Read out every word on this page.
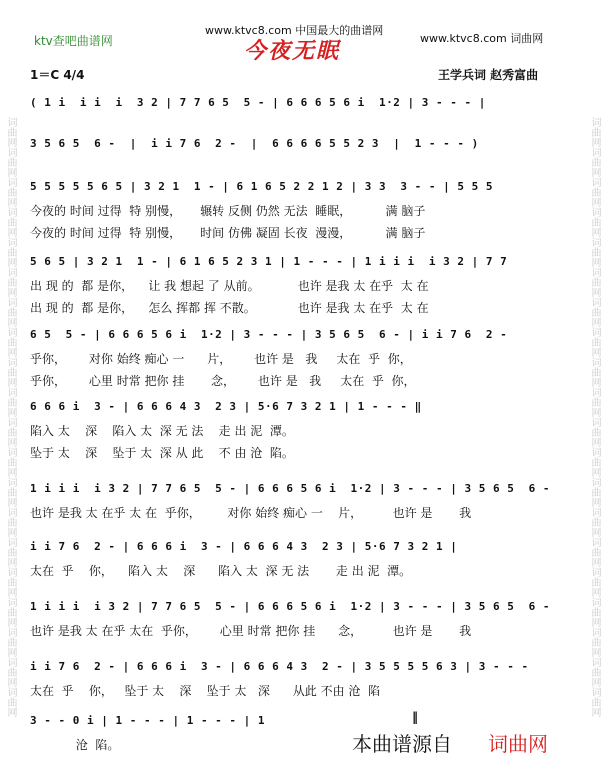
词曲网词曲网词曲网词曲网词曲网词曲网词曲网词曲网词曲网词曲网词曲网词曲网词曲网词曲网词曲网词曲网词曲网词曲网词曲网词曲网	词曲网词曲网词曲网词曲网词曲网词曲网词曲网词曲网词曲网词曲网词曲网词曲网词曲网词曲网词曲网词曲网词曲网词曲网词曲网词曲网
ktv查吧曲谱网
www.ktvc8.com 中国最大的曲谱网
www.ktvc8.com 词曲网
今夜无眠
1＝C 4/4	王学兵词 赵秀富曲
( 1 i  i i  i  3 2 | 7 7 6 5  5 - | 6 6 6 5 6 i  1·2 | 3 - - - |
3 5 6 5  6 -  |  i i 7 6  2 -  |  6 6 6 6 5 5 2 3  |  1 - - - )
5 5 5 5 5 6 5 | 3 2 1  1 - | 6 1 6 5 2 2 1 2 | 3 3  3 - - | 5 5 5
今夜的 时间 过得  特 别慢，     辗转 反侧 仍然 无法  睡眠，         满 脑子
今夜的 时间 过得  特 别慢，     时间 仿佛 凝固 长夜  漫漫，         满 脑子
5 6 5 | 3 2 1  1 - | 6 1 6 5 2 3 1 | 1 - - - | 1 i i i  i 3 2 | 7 7
出 现 的  都 是你，    让 我 想起 了 从前。          也许 是我 太 在乎  太 在
出 现 的  都 是你，    怎么 挥都 挥 不散。           也许 是我 太 在乎  太 在
6 5  5 - | 6 6 6 5 6 i  1·2 | 3 - - - | 3 5 6 5  6 - | i i 7 6  2 -
乎你，      对你 始终 痴心 一      片，      也许 是   我     太在  乎  你，
乎你，      心里 时常 把你 挂       念，      也许 是   我     太在  乎  你，
6 6 6 i  3 - | 6 6 6 4 3  2 3 | 5·6 7 3 2 1 | 1 - - - ‖
陷入 太    深    陷入 太  深 无 法    走 出 泥  潭。
坠于 太    深    坠于 太  深 从 此    不 由 沧  陷。
1 i i i  i 3 2 | 7 7 6 5  5 - | 6 6 6 5 6 i  1·2 | 3 - - - | 3 5 6 5  6 -
也许 是我 太 在乎 太 在  乎你，       对你 始终 痴心 一    片，        也许 是       我
i i 7 6  2 - | 6 6 6 i  3 - | 6 6 6 4 3  2 3 | 5·6 7 3 2 1 |
太在  乎    你，    陷入 太    深      陷入 太  深 无 法       走 出 泥  潭。
1 i i i  i 3 2 | 7 7 6 5  5 - | 6 6 6 5 6 i  1·2 | 3 - - - | 3 5 6 5  6 -
也许 是我 太 在乎 太在  乎你，      心里 时常 把你 挂      念，        也许 是       我
i i 7 6  2 - | 6 6 6 i  3 - | 6 6 6 4 3  2 - | 3 5 5 5 5 6 3 | 3 - - -
太在  乎    你，   坠于 太    深    坠于 太   深      从此 不由 沧  陷
3 - - 0 i | 1 - - - | 1 - - - | 1
沧  陷。
‖
本曲谱源自 词曲网
